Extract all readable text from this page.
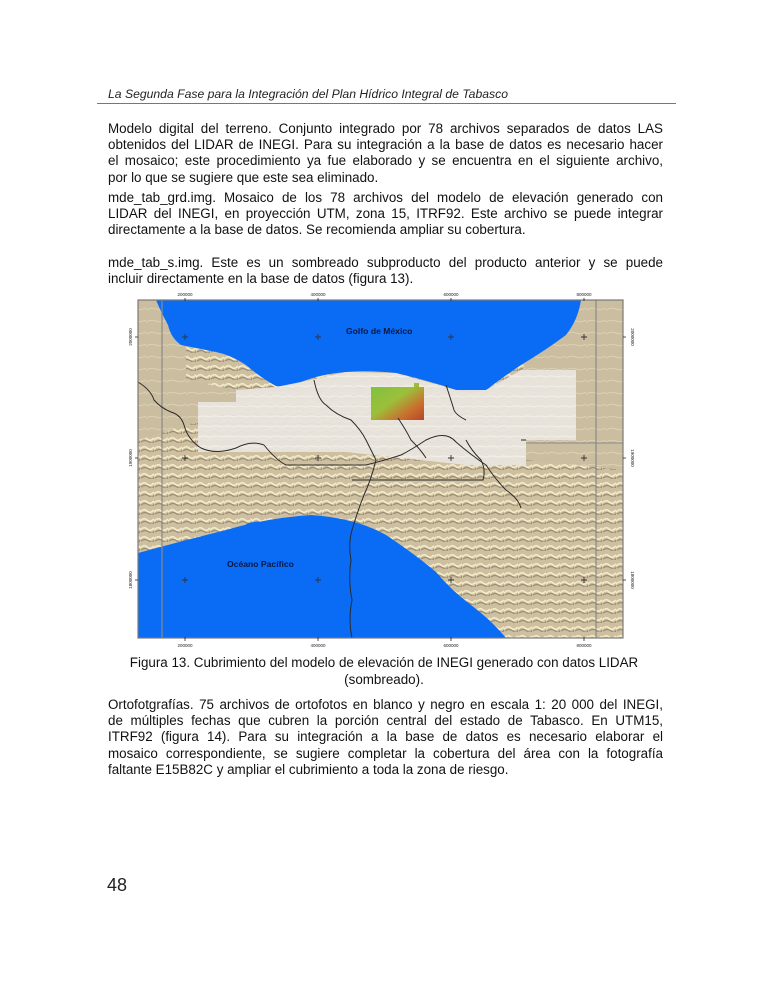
La Segunda Fase para la Integración del Plan Hídrico Integral de Tabasco
Modelo digital del terreno. Conjunto integrado por 78 archivos separados de datos LAS
obtenidos del LIDAR de INEGI. Para su integración a la base de datos es necesario hacer
el mosaico; este procedimiento ya fue elaborado y se encuentra en el siguiente archivo,
por lo que se sugiere que este sea eliminado.
mde_tab_grd.img. Mosaico de los 78 archivos del modelo de elevación generado con
LIDAR del INEGI, en proyección UTM, zona 15, ITRF92. Este archivo se puede integrar
directamente a la base de datos. Se recomienda ampliar su cobertura.
mde_tab_s.img. Este es un sombreado subproducto del producto anterior y se puede
incluir directamente en la base de datos (figura 13).
200000	400000	600000	800000
200000	400000	600000	800000
2000000
1900000
1800000
2000000
1900000
1800000
Golfo de México
Océano Pacífico
Figura 13. Cubrimiento del modelo de elevación de INEGI generado con datos LIDAR
(sombreado).
Ortofotgrafías. 75 archivos de ortofotos en blanco y negro en escala 1: 20 000 del INEGI,
de múltiples fechas que cubren la porción central del estado de Tabasco. En UTM15,
ITRF92 (figura 14). Para su integración a la base de datos es necesario elaborar el
mosaico correspondiente, se sugiere completar la cobertura del área con la fotografía
faltante E15B82C y ampliar el cubrimiento a toda la zona de riesgo.
48
